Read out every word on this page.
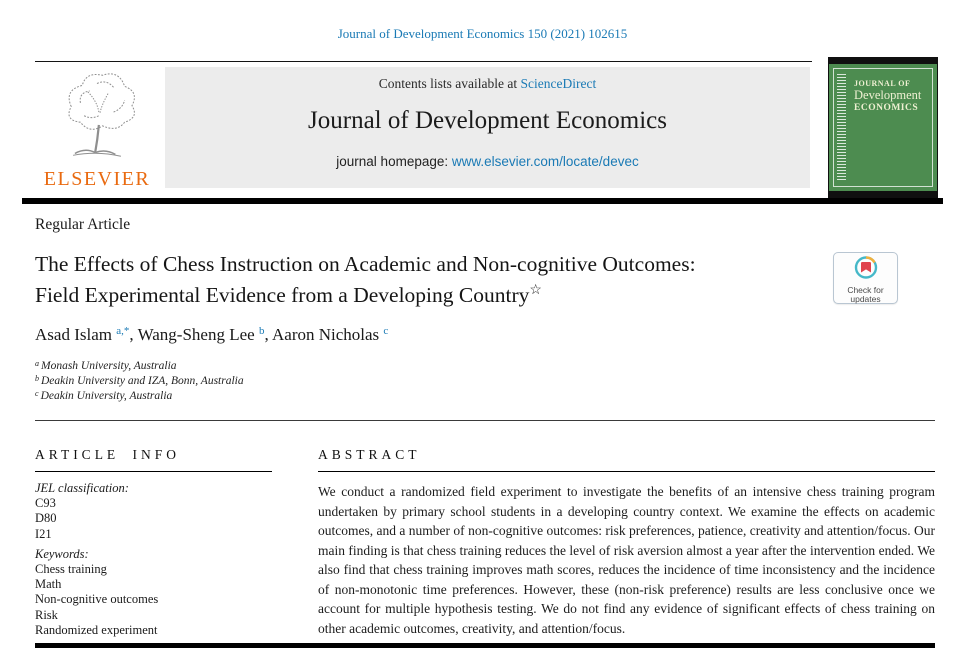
Journal of Development Economics 150 (2021) 102615
ELSEVIER
Contents lists available at ScienceDirect
Journal of Development Economics
journal homepage: www.elsevier.com/locate/devec
JOURNAL OF
Development
ECONOMICS
Regular Article
The Effects of Chess Instruction on Academic and Non-cognitive Outcomes:
Field Experimental Evidence from a Developing Country☆	Check for
updates
Asad Islam $^{a,*}$, Wang-Sheng Lee $^b$, Aaron Nicholas $^c$
$^a$ Monash University, Australia
$^b$ Deakin University and IZA, Bonn, Australia
$^c$ Deakin University, Australia
ARTICLE INFO
JEL classification:
C93
D80
I21
Keywords:
Chess training
Math
Non-cognitive outcomes
Risk
Randomized experiment
ABSTRACT
We conduct a randomized field experiment to investigate the benefits of an intensive chess training program undertaken by primary school students in a developing country context. We examine the effects on academic outcomes, and a number of non-cognitive outcomes: risk preferences, patience, creativity and attention/focus. Our main finding is that chess training reduces the level of risk aversion almost a year after the intervention ended. We also find that chess training improves math scores, reduces the incidence of time inconsistency and the incidence of non-monotonic time preferences. However, these (non-risk preference) results are less conclusive once we account for multiple hypothesis testing. We do not find any evidence of significant effects of chess training on other academic outcomes, creativity, and attention/focus.
